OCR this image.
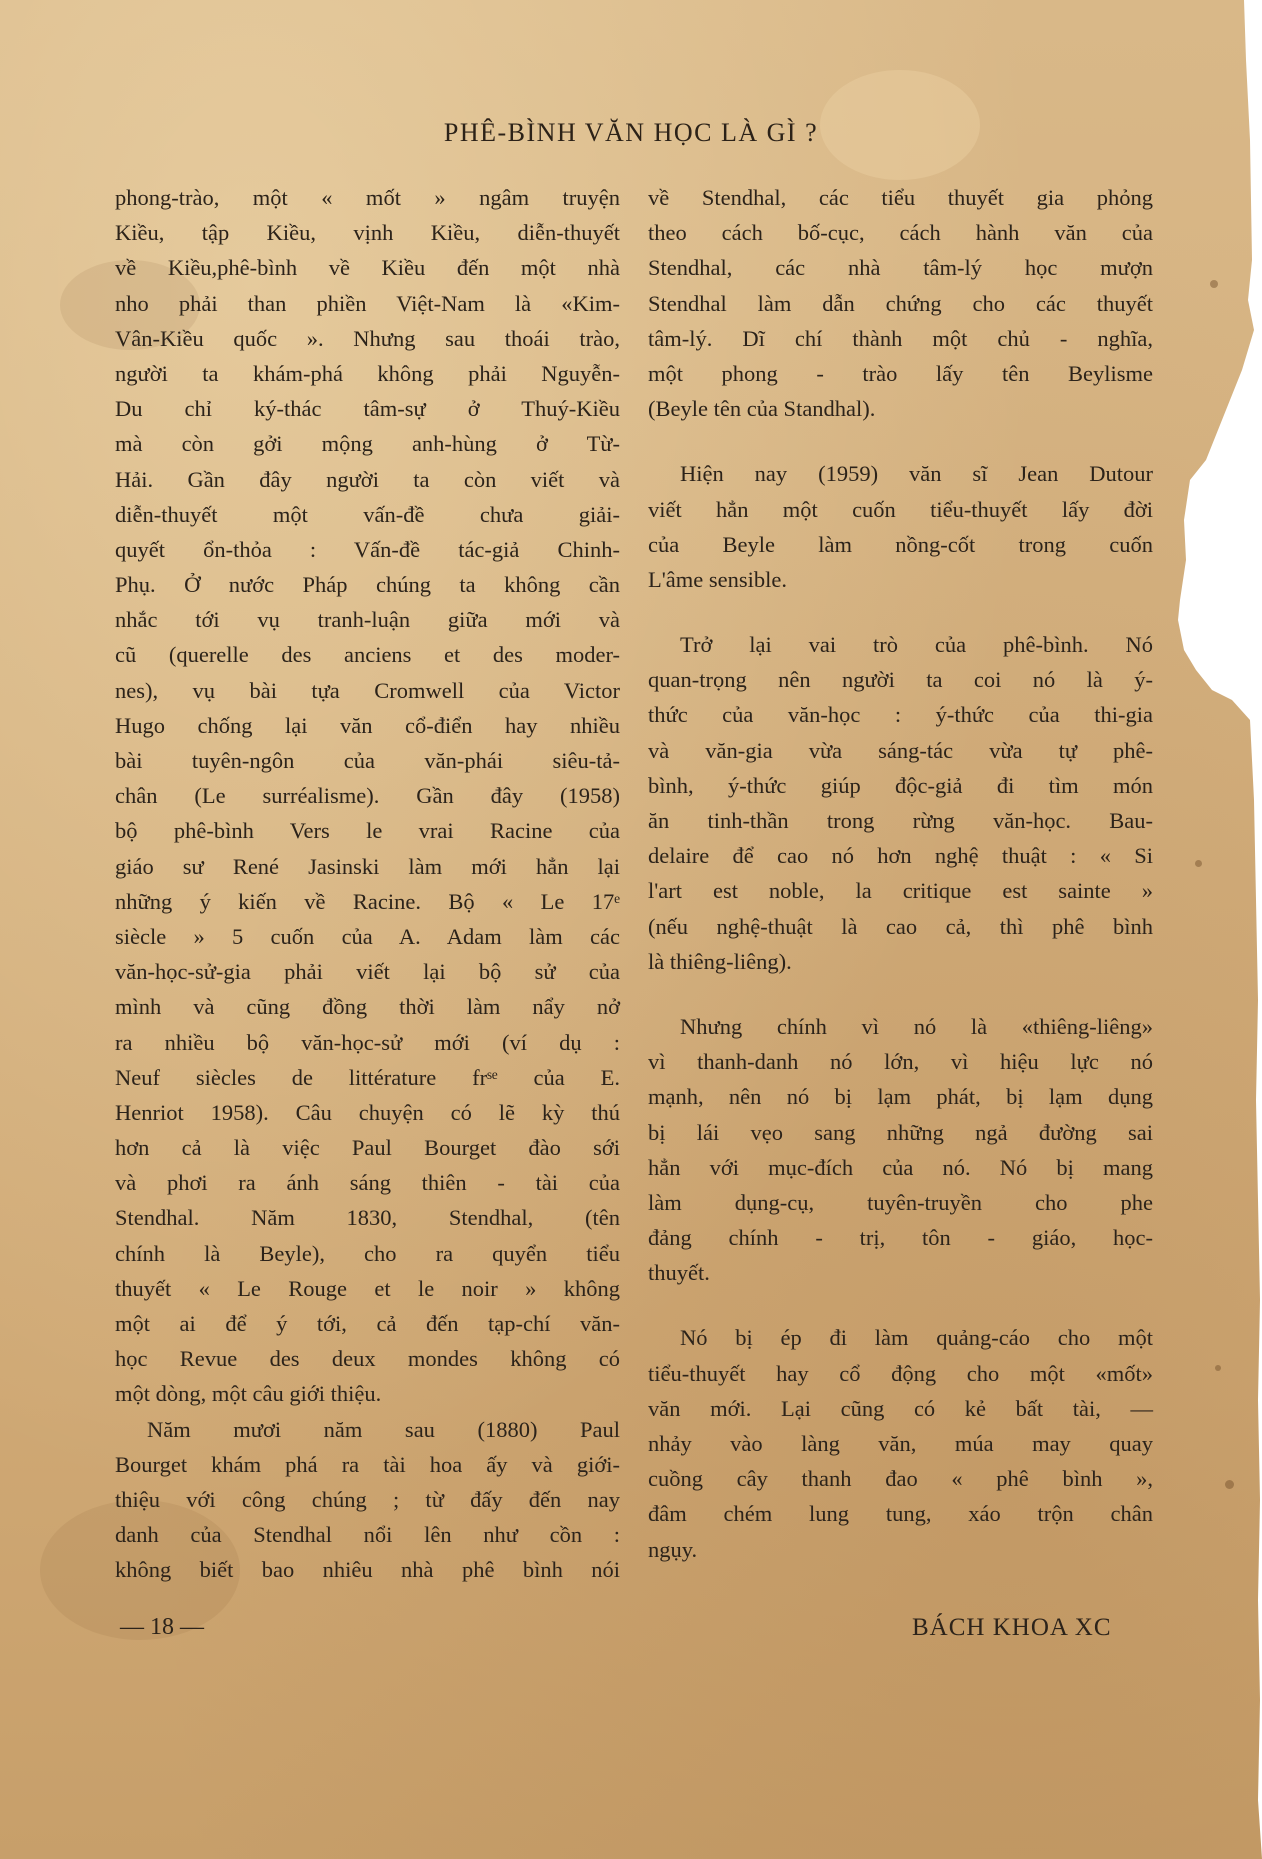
PHÊ-BÌNH VĂN HỌC LÀ GÌ ?
phong-trào, một « mốt » ngâm truyện
Kiều, tập Kiều, vịnh Kiều, diễn-thuyết
về Kiều,phê-bình về Kiều đến một nhà
nho phải than phiền Việt-Nam là «Kim-
Vân-Kiều quốc ». Nhưng sau thoái trào,
người ta khám-phá không phải Nguyễn-
Du chỉ ký-thác tâm-sự ở Thuý-Kiều
mà còn gởi mộng anh-hùng ở Từ-
Hải. Gần đây người ta còn viết và
diễn-thuyết một vấn-đề chưa giải-
quyết ổn-thỏa : Vấn-đề tác-giả Chinh-
Phụ. Ở nước Pháp chúng ta không cần
nhắc tới vụ tranh-luận giữa mới và
cũ (querelle des anciens et des moder-
nes), vụ bài tựa Cromwell của Victor
Hugo chống lại văn cổ-điển hay nhiều
bài tuyên-ngôn của văn-phái siêu-tả-
chân (Le surréalisme). Gần đây (1958)
bộ phê-bình Vers le vrai Racine của
giáo sư René Jasinski làm mới hẳn lại
những ý kiến về Racine. Bộ « Le 17ᵉ
siècle » 5 cuốn của A. Adam làm các
văn-học-sử-gia phải viết lại bộ sử của
mình và cũng đồng thời làm nẩy nở
ra nhiều bộ văn-học-sử mới (ví dụ :
Neuf siècles de littérature frˢᵉ của E.
Henriot 1958). Câu chuyện có lẽ kỳ thú
hơn cả là việc Paul Bourget đào sới
và phơi ra ánh sáng thiên - tài của
Stendhal. Năm 1830, Stendhal, (tên
chính là Beyle), cho ra quyển tiểu
thuyết « Le Rouge et le noir » không
một ai để ý tới, cả đến tạp-chí văn-
học Revue des deux mondes không có
một dòng, một câu giới thiệu.
Năm mươi năm sau (1880) Paul
Bourget khám phá ra tài hoa ấy và giới-
thiệu với công chúng ; từ đấy đến nay
danh của Stendhal nổi lên như cồn :
không biết bao nhiêu nhà phê bình nói
về Stendhal, các tiểu thuyết gia phỏng
theo cách bố-cục, cách hành văn của
Stendhal, các nhà tâm-lý học mượn
Stendhal làm dẫn chứng cho các thuyết
tâm-lý. Dĩ chí thành một chủ - nghĩa,
một phong - trào lấy tên Beylisme
(Beyle tên của Standhal).
Hiện nay (1959) văn sĩ Jean Dutour
viết hẳn một cuốn tiểu-thuyết lấy đời
của Beyle làm nồng-cốt trong cuốn
L'âme sensible.
Trở lại vai trò của phê-bình. Nó
quan-trọng nên người ta coi nó là ý-
thức của văn-học : ý-thức của thi-gia
và văn-gia vừa sáng-tác vừa tự phê-
bình, ý-thức giúp độc-giả đi tìm món
ăn tinh-thần trong rừng văn-học. Bau-
delaire để cao nó hơn nghệ thuật : « Si
l'art est noble, la critique est sainte »
(nếu nghệ-thuật là cao cả, thì phê bình
là thiêng-liêng).
Nhưng chính vì nó là «thiêng-liêng»
vì thanh-danh nó lớn, vì hiệu lực nó
mạnh, nên nó bị lạm phát, bị lạm dụng
bị lái vẹo sang những ngả đường sai
hẳn với mục-đích của nó. Nó bị mang
làm dụng-cụ, tuyên-truyền cho phe
đảng chính - trị, tôn - giáo, học-
thuyết.
Nó bị ép đi làm quảng-cáo cho một
tiểu-thuyết hay cổ động cho một «mốt»
văn mới. Lại cũng có kẻ bất tài, —
nhảy vào làng văn, múa may quay
cuồng cây thanh đao « phê bình »,
đâm chém lung tung, xáo trộn chân
ngụy.
— 18 —	BÁCH KHOA XC
